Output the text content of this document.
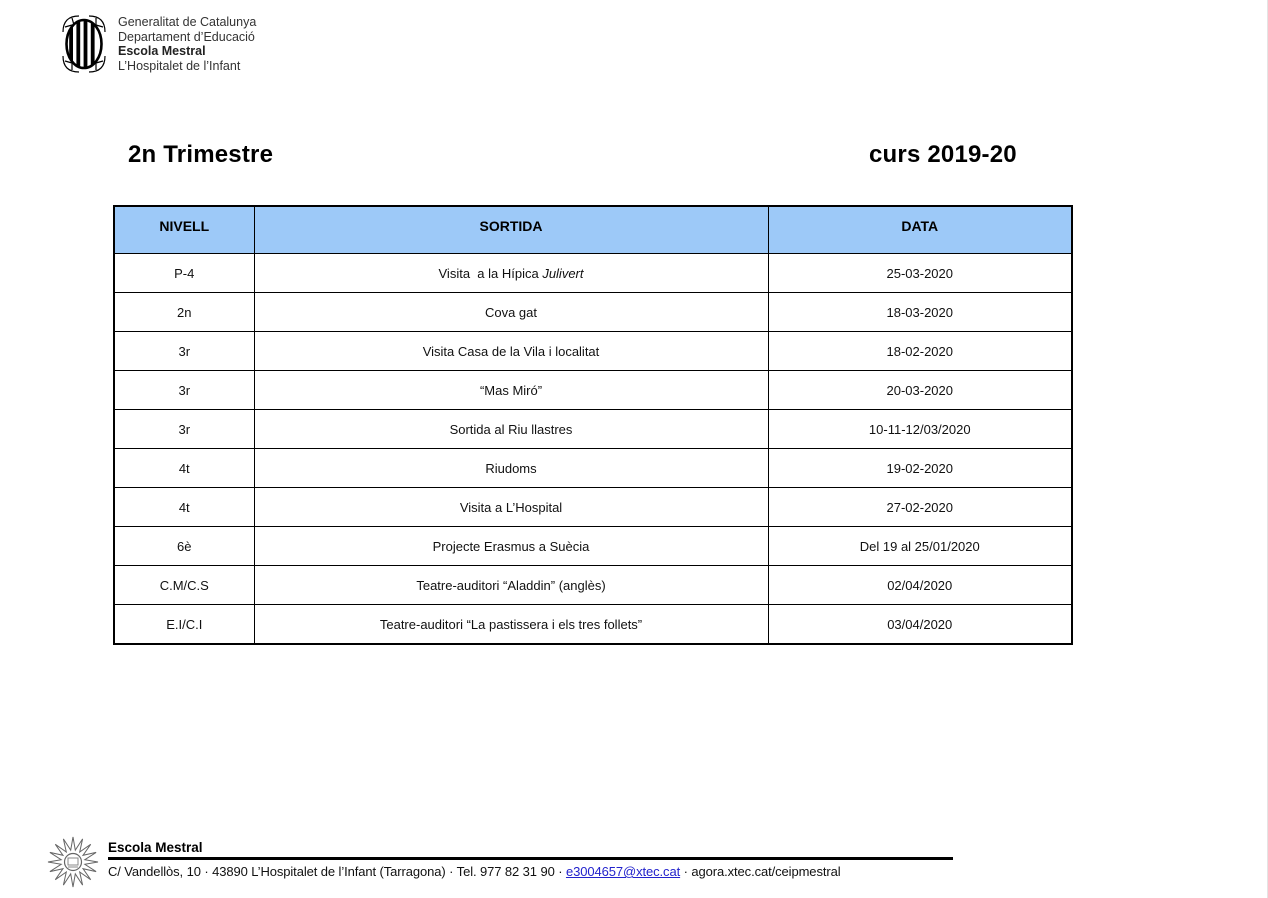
Generalitat de Catalunya
Departament d’Educació
Escola Mestral
L’Hospitalet de l’Infant
2n Trimestre	curs 2019-20
NIVELL	SORTIDA	DATA
P-4	Visita  a la Hípica Julivert	25-03-2020
2n	Cova gat	18-03-2020
3r	Visita Casa de la Vila i localitat	18-02-2020
3r	“Mas Miró”	20-03-2020
3r	Sortida al Riu llastres	10-11-12/03/2020
4t	Riudoms	19-02-2020
4t	Visita a L’Hospital	27-02-2020
6è	Projecte Erasmus a Suècia	Del 19 al 25/01/2020
C.M/C.S	Teatre-auditori “Aladdin” (anglès)	02/04/2020
E.I/C.I	Teatre-auditori “La pastissera i els tres follets”	03/04/2020
Escola Mestral
C/ Vandellòs, 10 · 43890 L’Hospitalet de l’Infant (Tarragona) · Tel. 977 82 31 90 · e3004657@xtec.cat · agora.xtec.cat/ceipmestral
